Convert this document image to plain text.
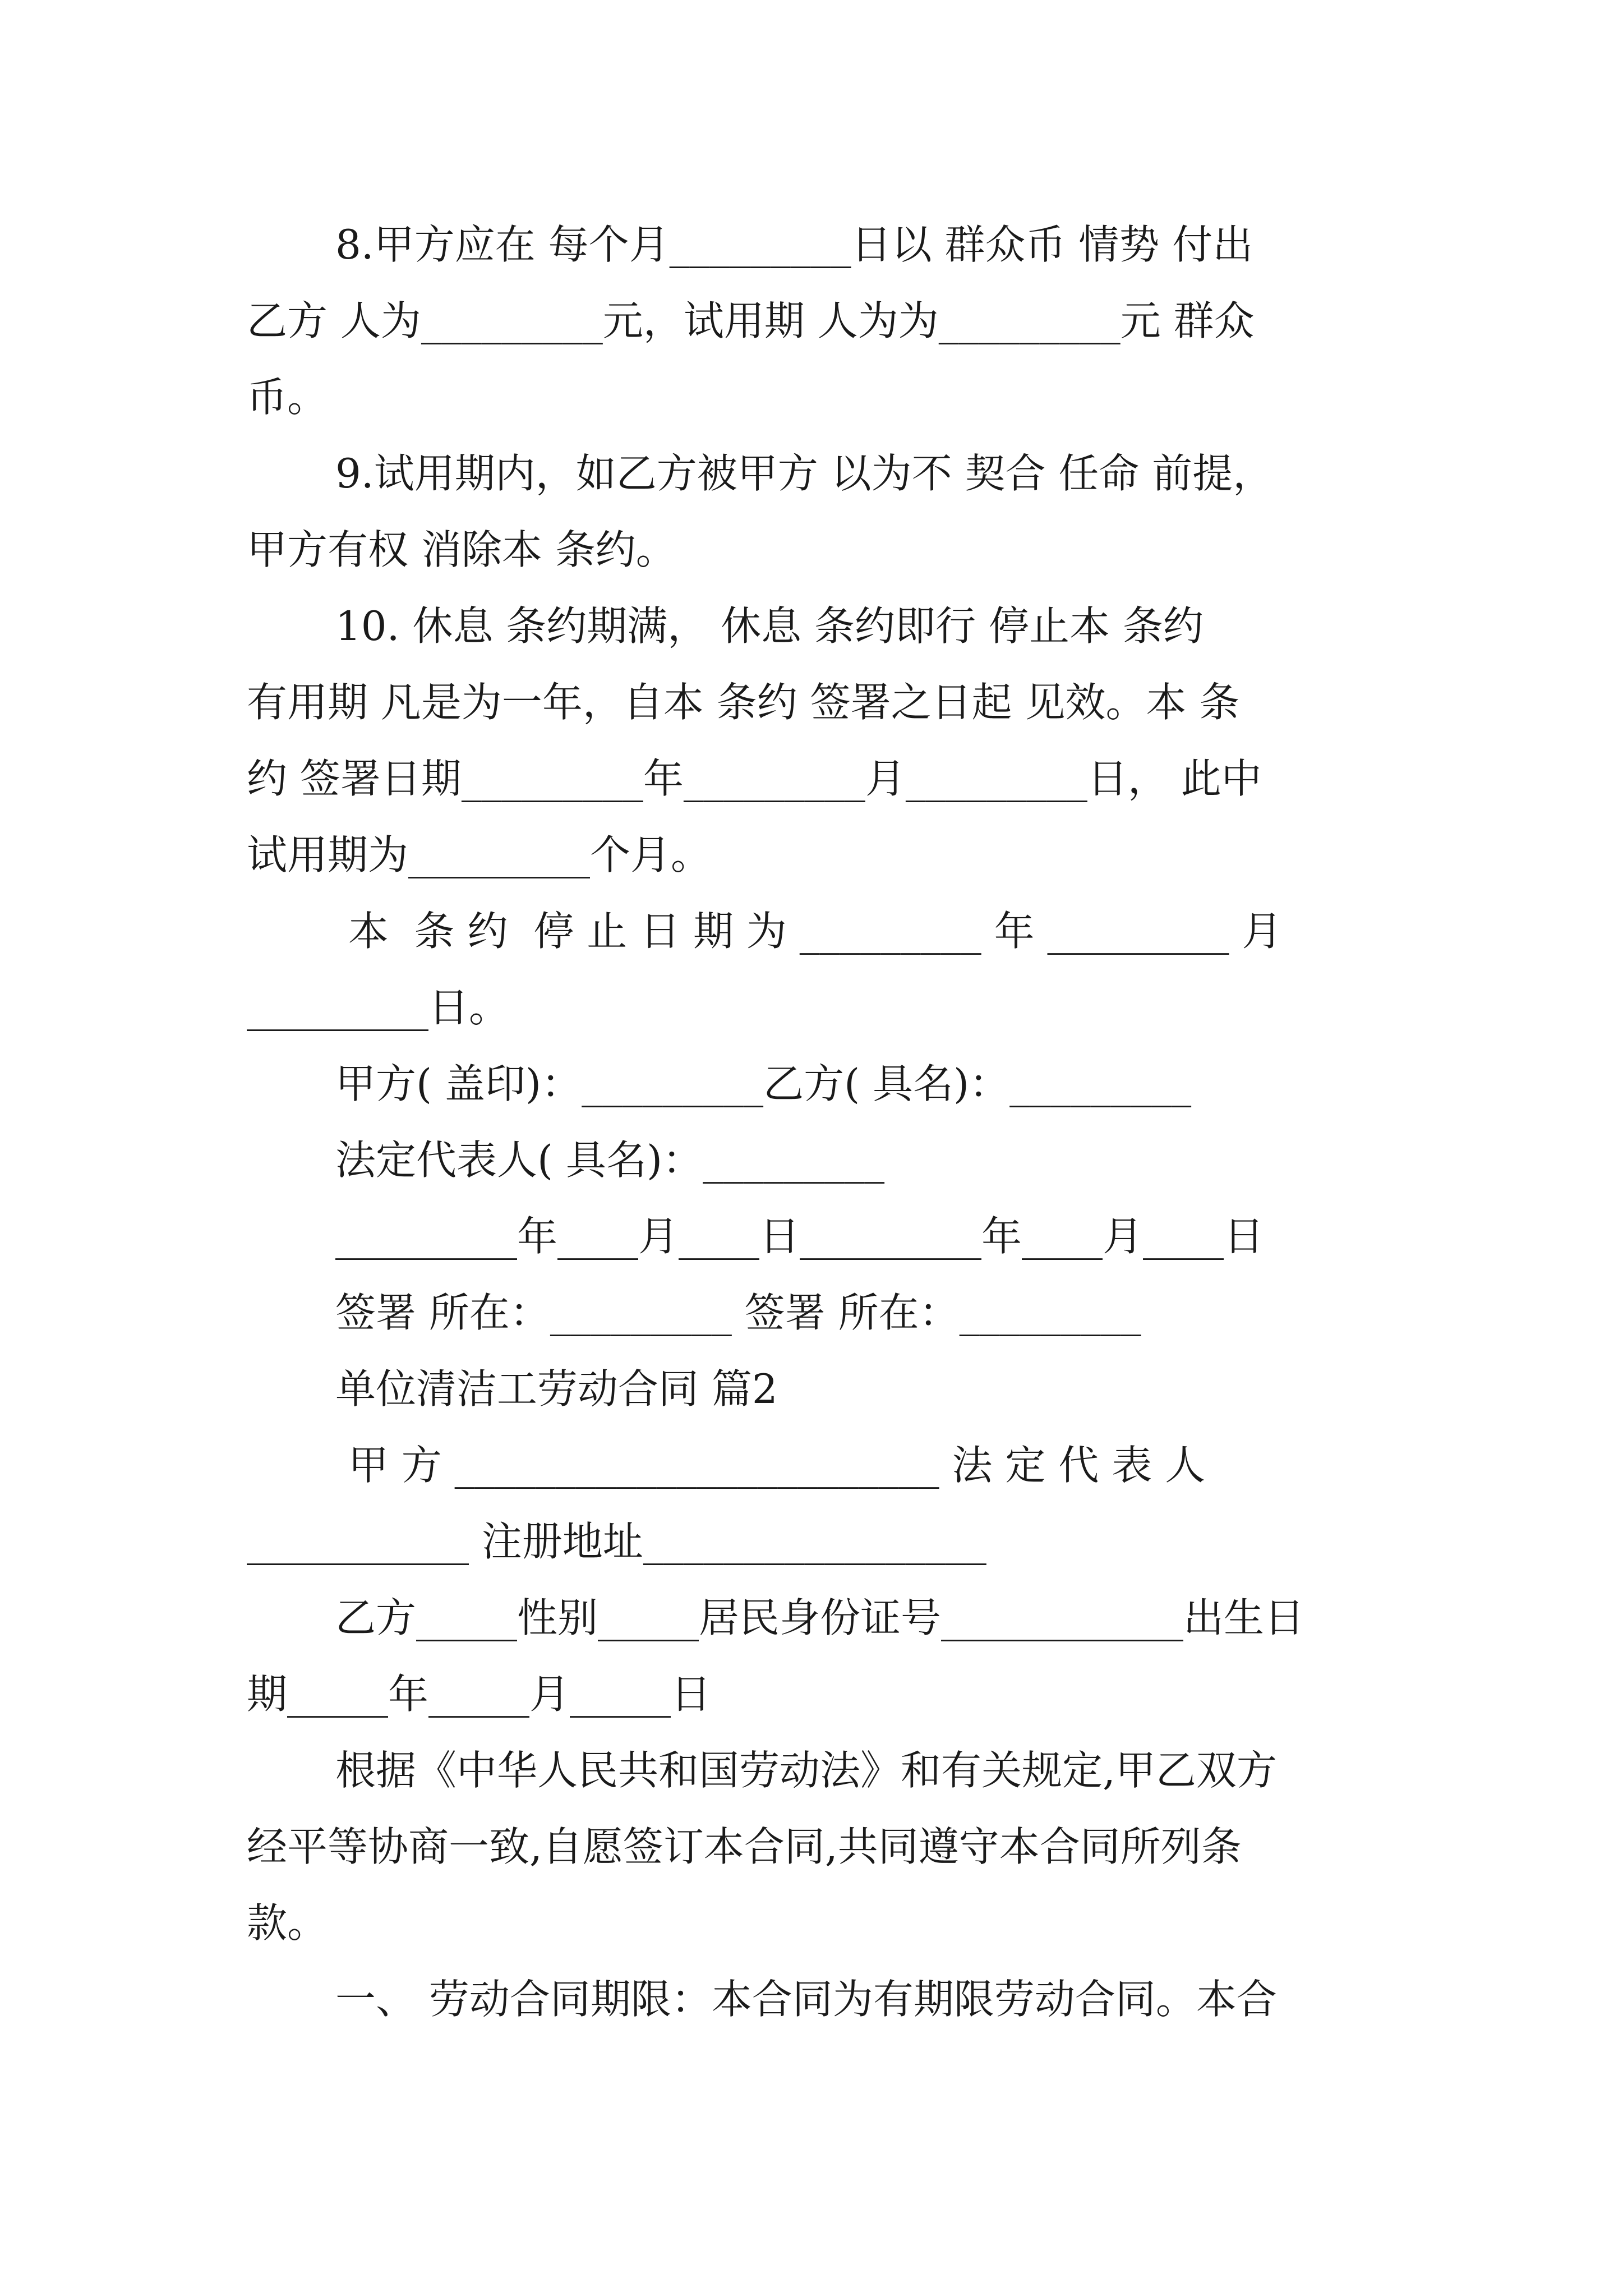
8.甲方应在 每个月_________日以 群众币 情势 付出
乙方 人为_________元，试用期 人为为_________元 群众
币。
9.试用期内，如乙方被甲方 以为不 契合 任命 前提，
甲方有权 消除本 条约。
10. 休息 条约期满， 休息 条约即行 停止本 条约
有用期 凡是为一年，自本 条约 签署之日起 见效。本 条
约 签署日期_________年_________月_________日， 此中
试用期为_________个月。
本  条 约  停 止 日 期 为 _________ 年 _________ 月
_________日。
甲方( 盖印)：_________乙方( 具名)：_________
法定代表人( 具名)：_________
_________年____月____日_________年____月____日
签署 所在：_________ 签署 所在：_________
单位清洁工劳动合同 篇2
甲 方 ________________________ 法 定 代 表 人
___________ 注册地址_________________
乙方_____性别_____居民身份证号____________出生日
期_____年_____月_____日
根据《中华人民共和国劳动法》和有关规定,甲乙双方
经平等协商一致,自愿签订本合同,共同遵守本合同所列条
款。
一、 劳动合同期限：本合同为有期限劳动合同。本合
